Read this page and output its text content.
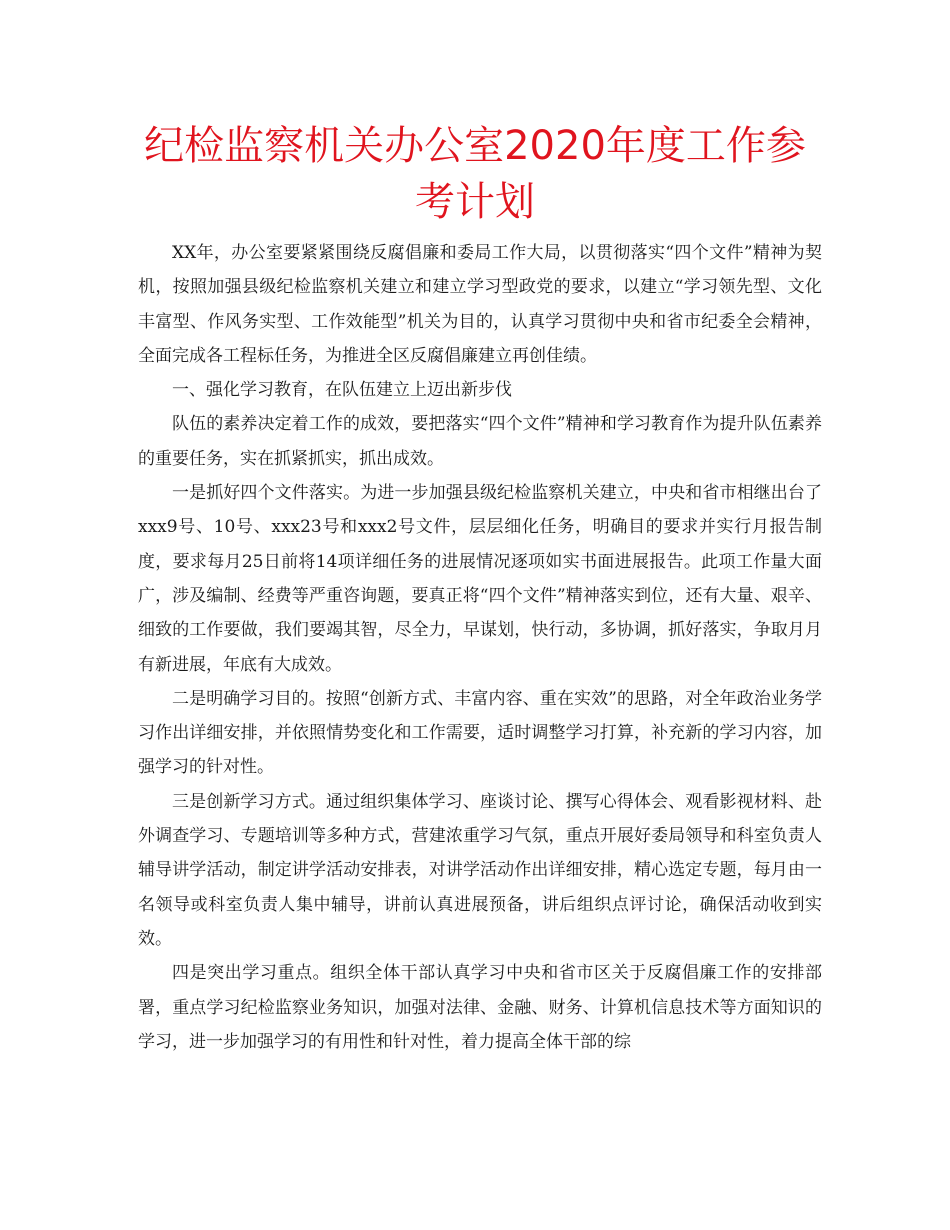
纪检监察机关办公室2020年度工作参考计划

XX年，办公室要紧紧围绕反腐倡廉和委局工作大局，以贯彻落实“四个文件”精神为契机，按照加强县级纪检监察机关建立和建立学习型政党的要求，以建立“学习领先型、文化丰富型、作风务实型、工作效能型”机关为目的，认真学习贯彻中央和省市纪委全会精神，全面完成各工程标任务，为推进全区反腐倡廉建立再创佳绩。

一、强化学习教育，在队伍建立上迈出新步伐

队伍的素养决定着工作的成效，要把落实“四个文件”精神和学习教育作为提升队伍素养的重要任务，实在抓紧抓实，抓出成效。

一是抓好四个文件落实。为进一步加强县级纪检监察机关建立，中央和省市相继出台了xxx9号、10号、xxx23号和xxx2号文件，层层细化任务，明确目的要求并实行月报告制度，要求每月25日前将14项详细任务的进展情况逐项如实书面进展报告。此项工作量大面广，涉及编制、经费等严重咨询题，要真正将“四个文件”精神落实到位，还有大量、艰辛、细致的工作要做，我们要竭其智，尽全力，早谋划，快行动，多协调，抓好落实，争取月月有新进展，年底有大成效。

二是明确学习目的。按照“创新方式、丰富内容、重在实效”的思路，对全年政治业务学习作出详细安排，并依照情势变化和工作需要，适时调整学习打算，补充新的学习内容，加强学习的针对性。

三是创新学习方式。通过组织集体学习、座谈讨论、撰写心得体会、观看影视材料、赴外调查学习、专题培训等多种方式，营建浓重学习气氛，重点开展好委局领导和科室负责人辅导讲学活动，制定讲学活动安排表，对讲学活动作出详细安排，精心选定专题，每月由一名领导或科室负责人集中辅导，讲前认真进展预备，讲后组织点评讨论，确保活动收到实效。

四是突出学习重点。组织全体干部认真学习中央和省市区关于反腐倡廉工作的安排部署，重点学习纪检监察业务知识，加强对法律、金融、财务、计算机信息技术等方面知识的学习，进一步加强学习的有用性和针对性，着力提高全体干部的综
